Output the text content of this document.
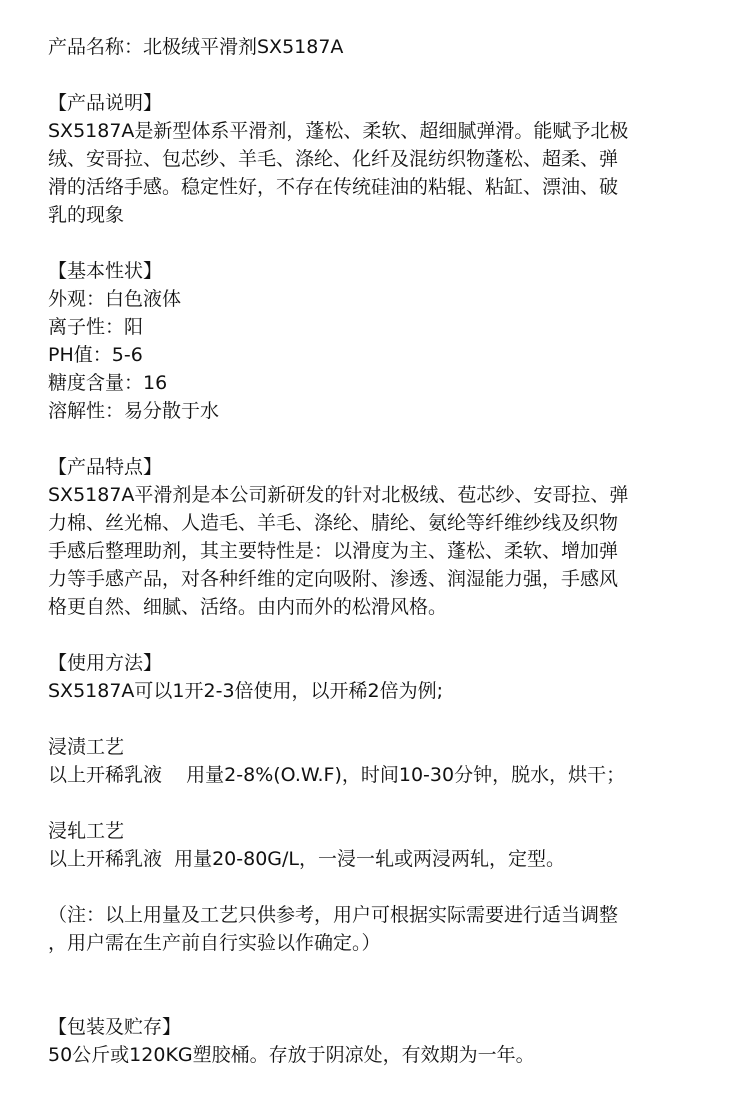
产品名称：北极绒平滑剂SX5187A

【产品说明】

SX5187A是新型体系平滑剂，蓬松、柔软、超细腻弹滑。能赋予北极

绒、安哥拉、包芯纱、羊毛、涤纶、化纤及混纺织物蓬松、超柔、弹

滑的活络手感。稳定性好，不存在传统硅油的粘辊、粘缸、漂油、破

乳的现象

【基本性状】

外观：白色液体

离子性：阳

PH值：5-6

糖度含量：16

溶解性：易分散于水

【产品特点】

SX5187A平滑剂是本公司新研发的针对北极绒、苞芯纱、安哥拉、弹

力棉、丝光棉、人造毛、羊毛、涤纶、腈纶、氨纶等纤维纱线及织物

手感后整理助剂，其主要特性是：以滑度为主、蓬松、柔软、增加弹

力等手感产品，对各种纤维的定向吸附、渗透、润湿能力强，手感风

格更自然、细腻、活络。由内而外的松滑风格。

【使用方法】

SX5187A可以1开2-3倍使用，以开稀2倍为例;

浸渍工艺

以上开稀乳液    用量2-8%(O.W.F)，时间10-30分钟，脱水，烘干；

浸轧工艺

以上开稀乳液  用量20-80G/L，一浸一轧或两浸两轧，定型。

（注：以上用量及工艺只供参考，用户可根据实际需要进行适当调整

，用户需在生产前自行实验以作确定。）

【包装及贮存】

50公斤或120KG塑胶桶。存放于阴凉处，有效期为一年。
